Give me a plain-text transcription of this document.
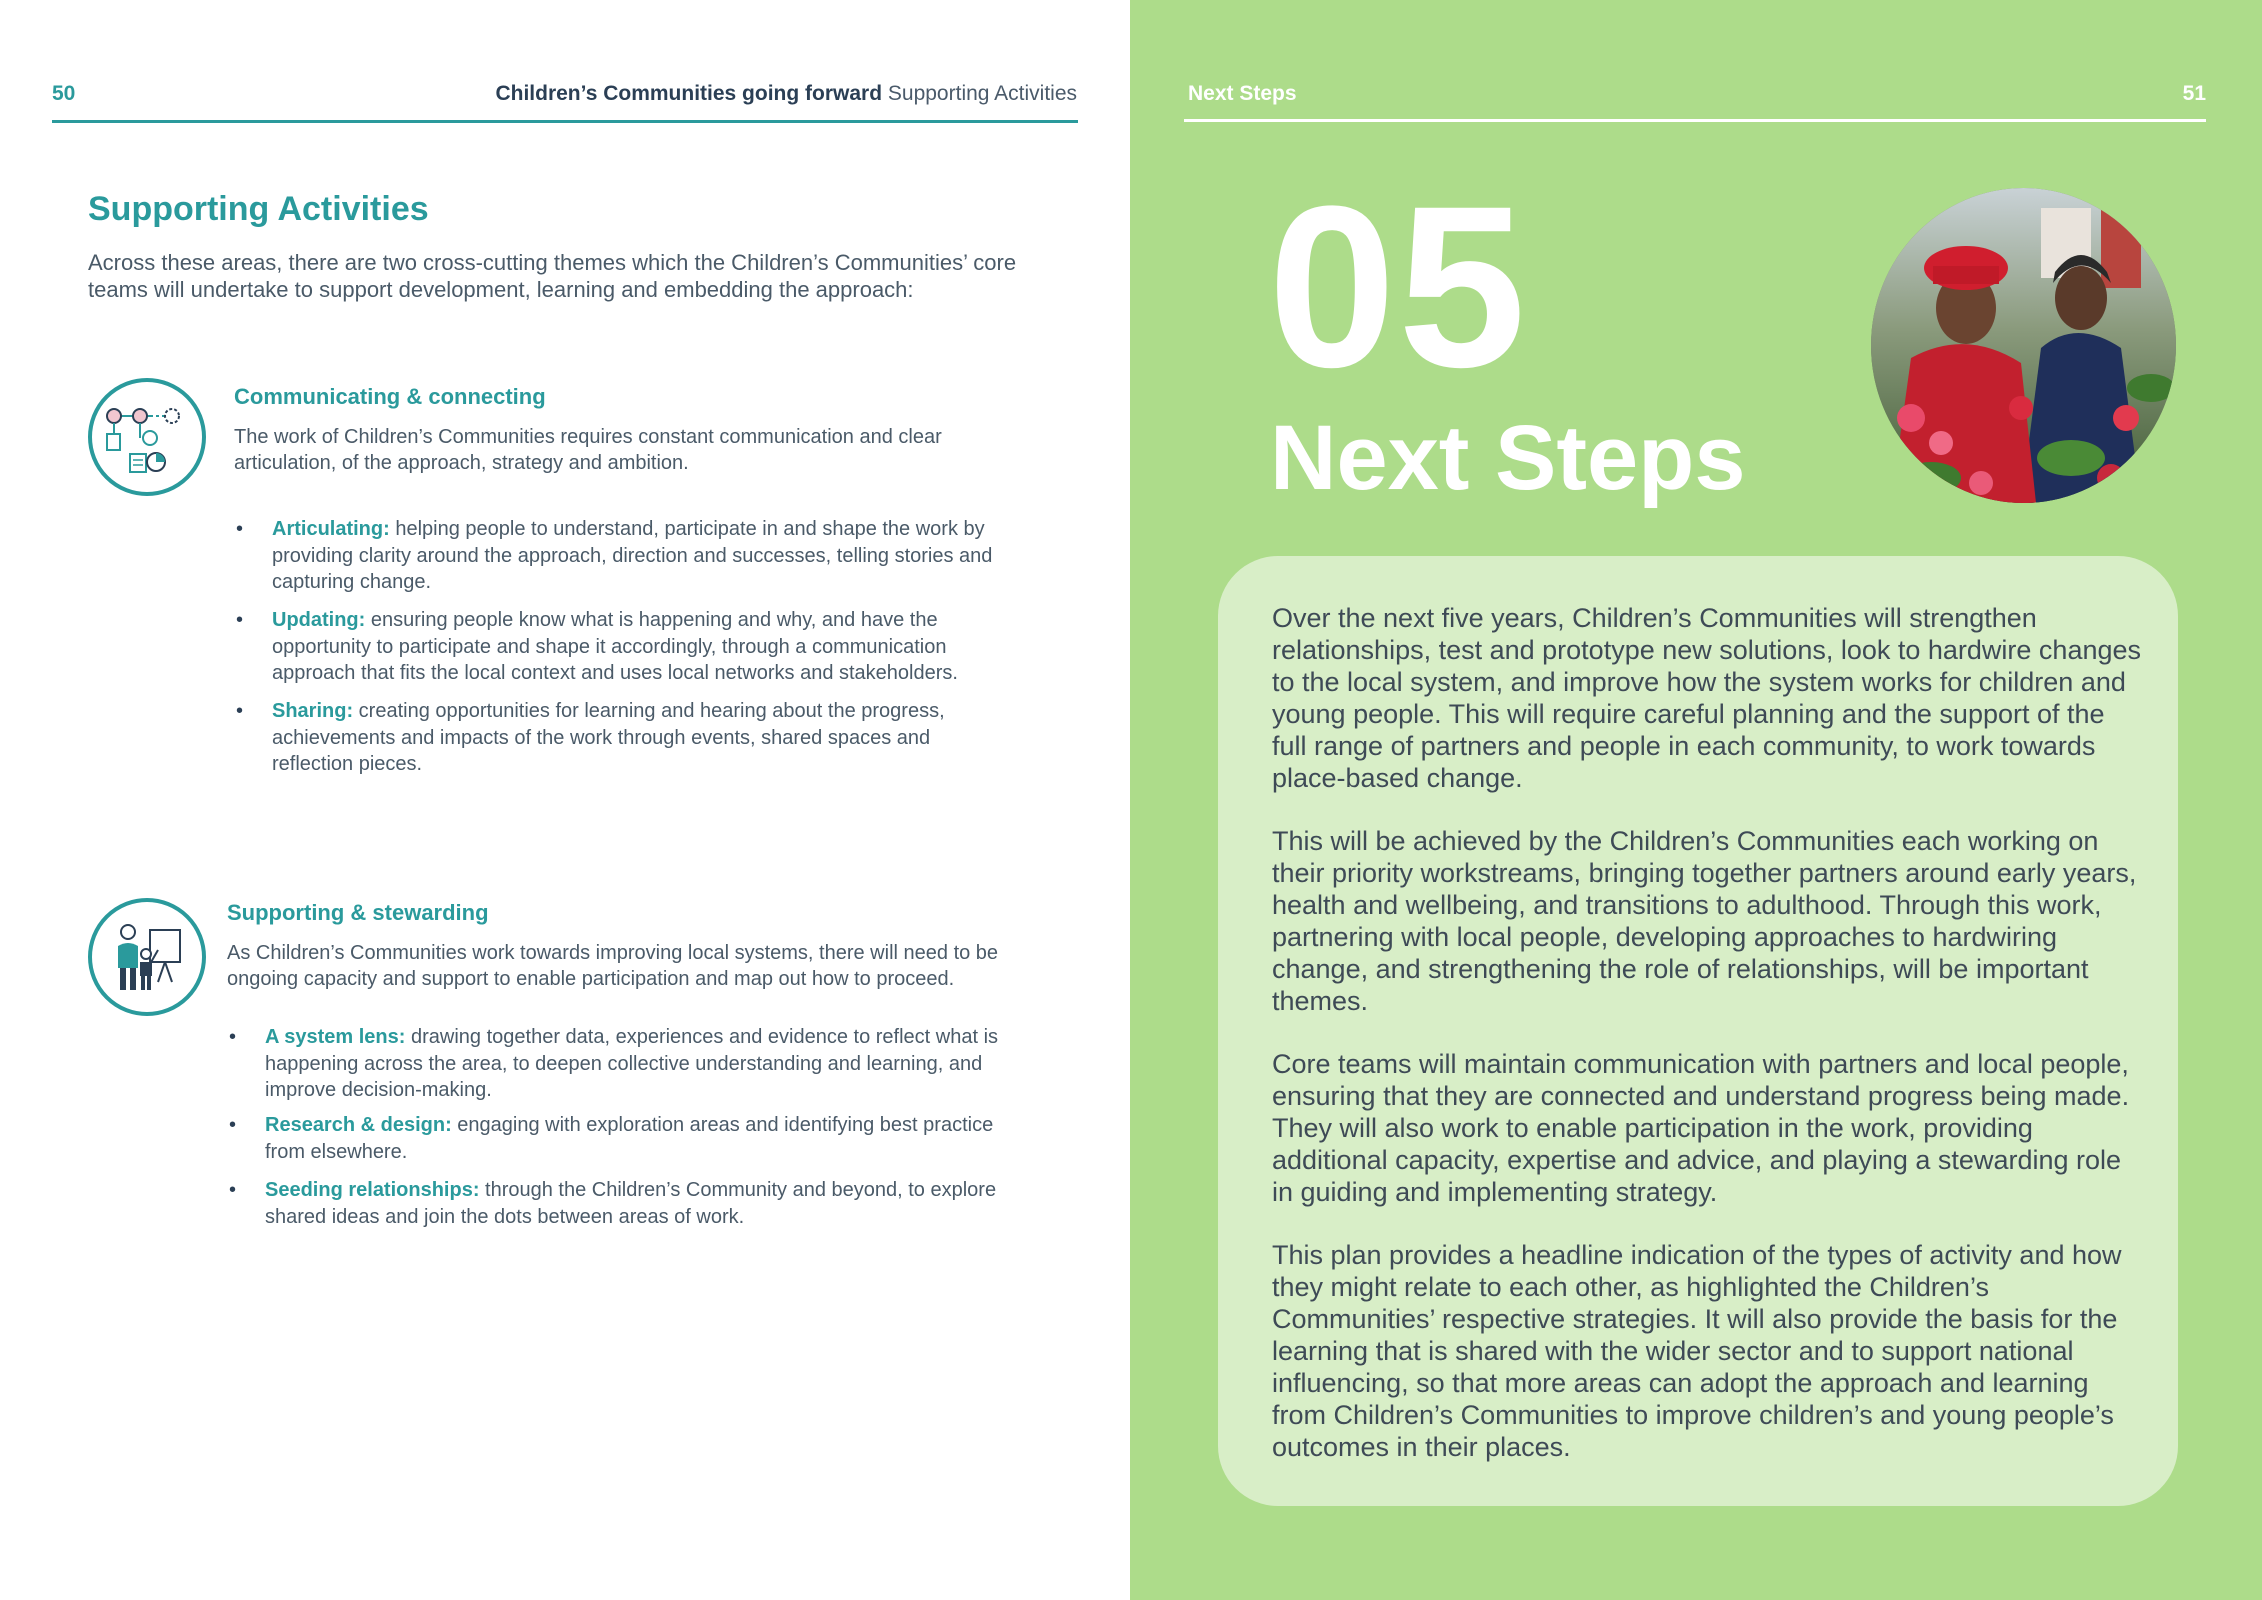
50	Children’s Communities going forward Supporting Activities
Supporting Activities
Across these areas, there are two cross-cutting themes which the Children’s Communities’ core teams will undertake to support development, learning and embedding the approach:
Communicating & connecting
The work of Children’s Communities requires constant communication and clear articulation, of the approach, strategy and ambition.
• Articulating: helping people to understand, participate in and shape the work by providing clarity around the approach, direction and successes, telling stories and capturing change.
• Updating: ensuring people know what is happening and why, and have the opportunity to participate and shape it accordingly, through a communication approach that fits the local context and uses local networks and stakeholders.
• Sharing: creating opportunities for learning and hearing about the progress, achievements and impacts of the work through events, shared spaces and reflection pieces.
Supporting & stewarding
As Children’s Communities work towards improving local systems, there will need to be ongoing capacity and support to enable participation and map out how to proceed.
• A system lens: drawing together data, experiences and evidence to reflect what is happening across the area, to deepen collective understanding and learning, and improve decision-making.
• Research & design: engaging with exploration areas and identifying best practice from elsewhere.
• Seeding relationships: through the Children’s Community and beyond, to explore shared ideas and join the dots between areas of work.
Next Steps	51
05
Next Steps
Over the next five years, Children’s Communities will strengthen relationships, test and prototype new solutions, look to hardwire changes to the local system, and improve how the system works for children and young people. This will require careful planning and the support of the full range of partners and people in each community, to work towards place-based change.
This will be achieved by the Children’s Communities each working on their priority workstreams, bringing together partners around early years, health and wellbeing, and transitions to adulthood. Through this work, partnering with local people, developing approaches to hardwiring change, and strengthening the role of relationships, will be important themes.
Core teams will maintain communication with partners and local people, ensuring that they are connected and understand progress being made. They will also work to enable participation in the work, providing additional capacity, expertise and advice, and playing a stewarding role in guiding and implementing strategy.
This plan provides a headline indication of the types of activity and how they might relate to each other, as highlighted the Children’s Communities’ respective strategies. It will also provide the basis for the learning that is shared with the wider sector and to support national influencing, so that more areas can adopt the approach and learning from Children’s Communities to improve children’s and young people’s outcomes in their places.
